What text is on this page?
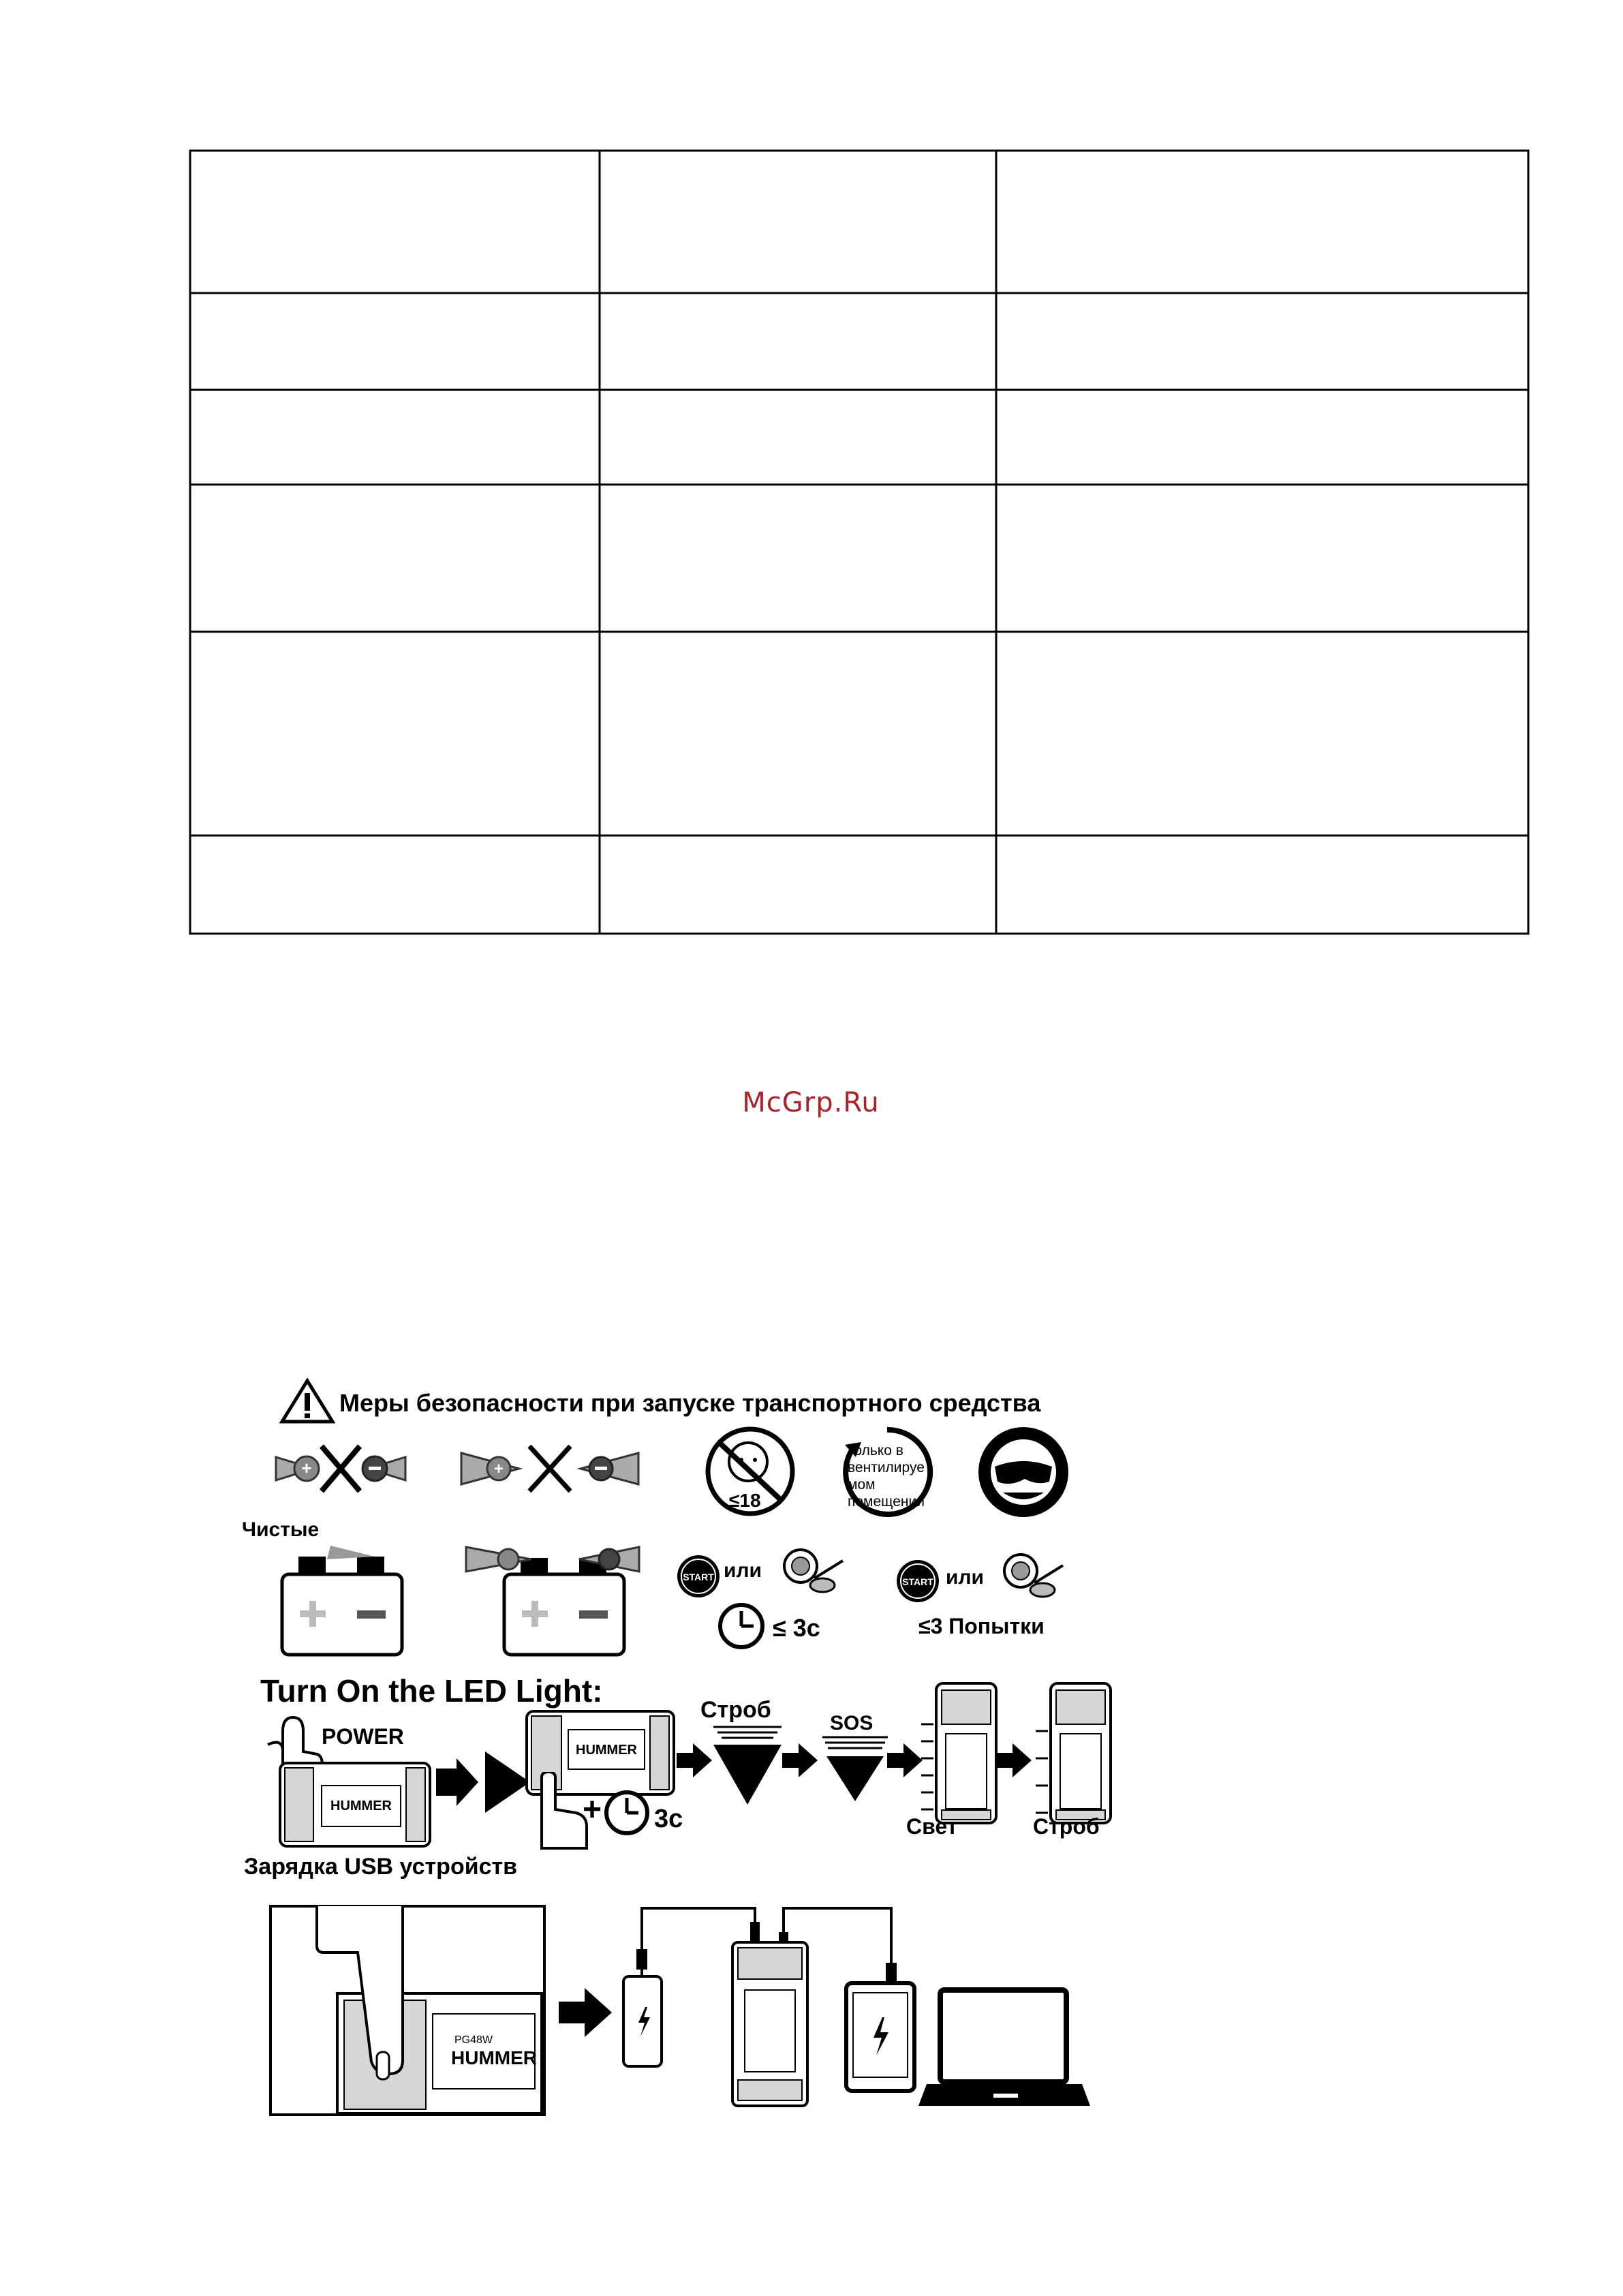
McGrp.Ru
Меры безопасности при запуске транспортного средства
+	+
≤18
только в вентилируе мом помещении
Чистые
START или
≤ 3c
START или
≤3 Попытки
Turn On the LED Light:
POWER
HUMMER
HUMMER
+ 3c
Строб
SOS
Свет	Строб
Зарядка USB устройств
PG48W
HUMMER
